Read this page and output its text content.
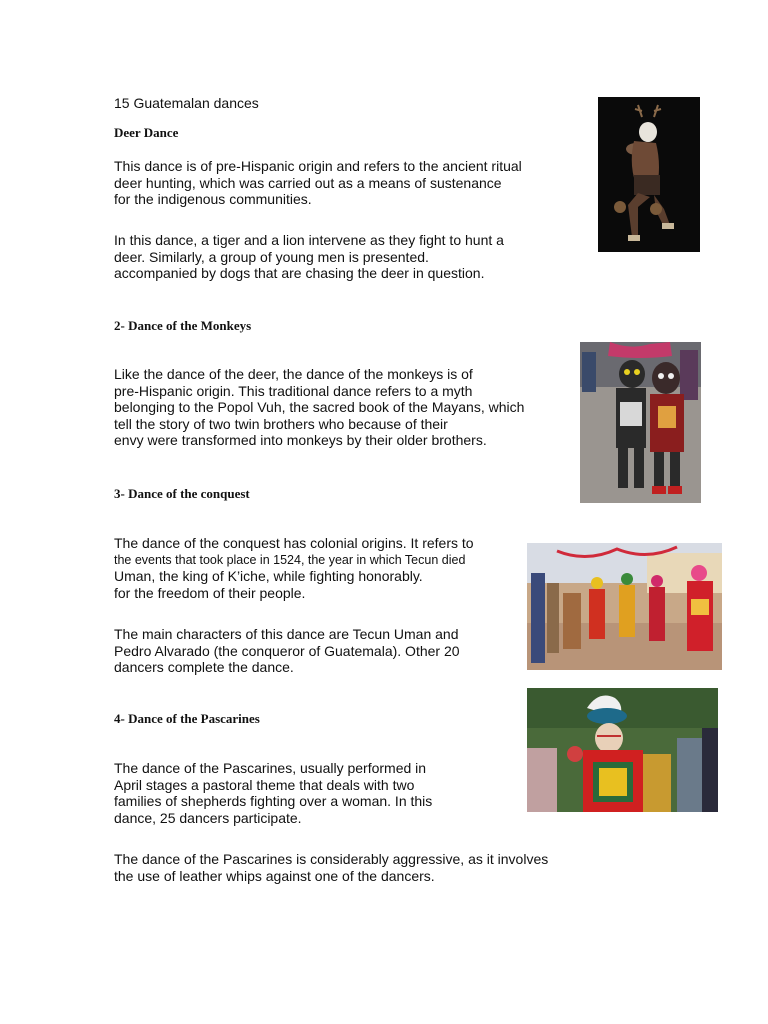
15 Guatemalan dances

Deer Dance

This dance is of pre-Hispanic origin and refers to the ancient ritual
deer hunting, which was carried out as a means of sustenance
for the indigenous communities.
In this dance, a tiger and a lion intervene as they fight to hunt a
deer. Similarly, a group of young men is presented.
accompanied by dogs that are chasing the deer in question.

2- Dance of the Monkeys

Like the dance of the deer, the dance of the monkeys is of
pre-Hispanic origin. This traditional dance refers to a myth
belonging to the Popol Vuh, the sacred book of the Mayans, which
tell the story of two twin brothers who because of their
envy were transformed into monkeys by their older brothers.

3- Dance of the conquest

The dance of the conquest has colonial origins. It refers to
the events that took place in 1524, the year in which Tecun died
Uman, the king of K’iche, while fighting honorably.
for the freedom of their people.
The main characters of this dance are Tecun Uman and
Pedro Alvarado (the conqueror of Guatemala). Other 20
dancers complete the dance.

4- Dance of the Pascarines

The dance of the Pascarines, usually performed in
April stages a pastoral theme that deals with two
families of shepherds fighting over a woman. In this
dance, 25 dancers participate.
The dance of the Pascarines is considerably aggressive, as it involves
the use of leather whips against one of the dancers.
